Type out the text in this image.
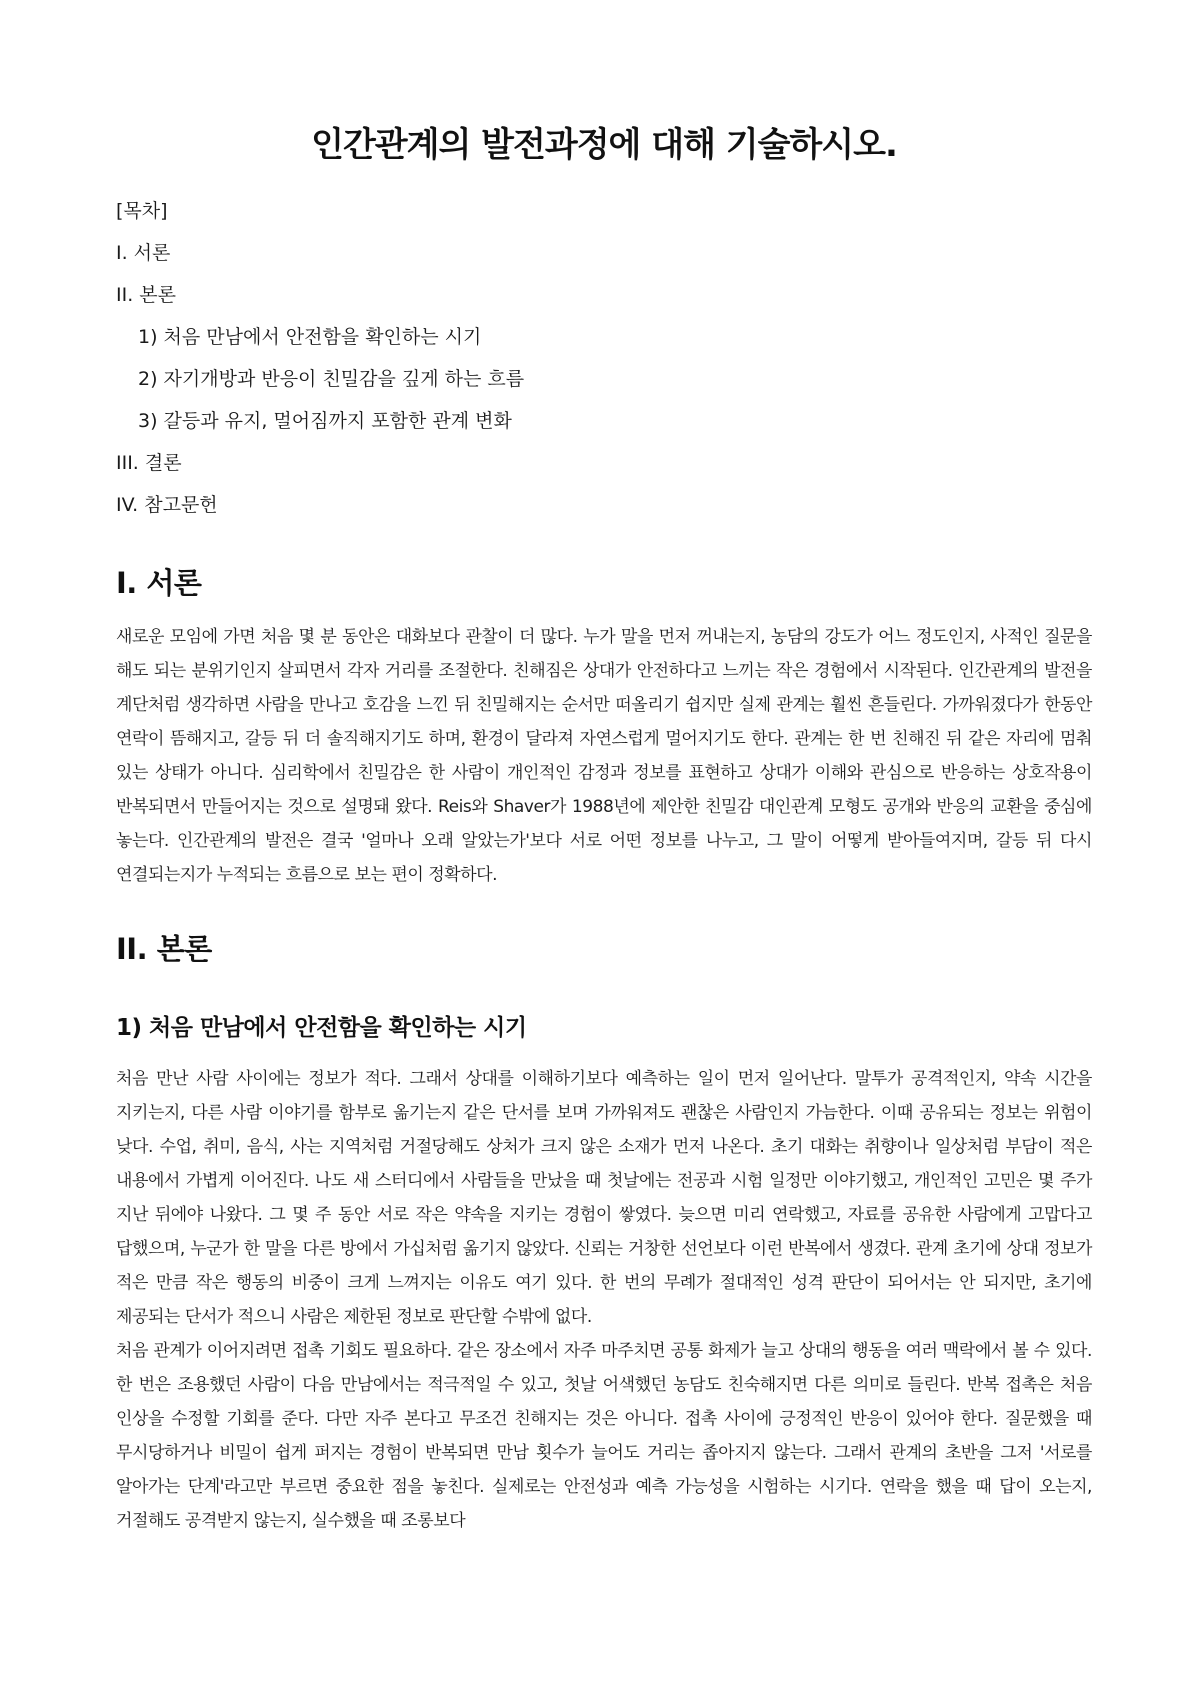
인간관계의 발전과정에 대해 기술하시오.
[목차]
I. 서론
II. 본론
1) 처음 만남에서 안전함을 확인하는 시기
2) 자기개방과 반응이 친밀감을 깊게 하는 흐름
3) 갈등과 유지, 멀어짐까지 포함한 관계 변화
III. 결론
IV. 참고문헌
I. 서론

새로운 모임에 가면 처음 몇 분 동안은 대화보다 관찰이 더 많다. 누가 말을 먼저 꺼내는지, 농담의 강도가 어느 정도인지, 사적인 질문을 해도 되는 분위기인지 살피면서 각자 거리를 조절한다. 친해짐은 상대가 안전하다고 느끼는 작은 경험에서 시작된다. 인간관계의 발전을 계단처럼 생각하면 사람을 만나고 호감을 느낀 뒤 친밀해지는 순서만 떠올리기 쉽지만 실제 관계는 훨씬 흔들린다. 가까워졌다가 한동안 연락이 뜸해지고, 갈등 뒤 더 솔직해지기도 하며, 환경이 달라져 자연스럽게 멀어지기도 한다. 관계는 한 번 친해진 뒤 같은 자리에 멈춰 있는 상태가 아니다. 심리학에서 친밀감은 한 사람이 개인적인 감정과 정보를 표현하고 상대가 이해와 관심으로 반응하는 상호작용이 반복되면서 만들어지는 것으로 설명돼 왔다. Reis와 Shaver가 1988년에 제안한 친밀감 대인관계 모형도 공개와 반응의 교환을 중심에 놓는다. 인간관계의 발전은 결국 '얼마나 오래 알았는가'보다 서로 어떤 정보를 나누고, 그 말이 어떻게 받아들여지며, 갈등 뒤 다시 연결되는지가 누적되는 흐름으로 보는 편이 정확하다.

II. 본론
1) 처음 만남에서 안전함을 확인하는 시기

처음 만난 사람 사이에는 정보가 적다. 그래서 상대를 이해하기보다 예측하는 일이 먼저 일어난다. 말투가 공격적인지, 약속 시간을 지키는지, 다른 사람 이야기를 함부로 옮기는지 같은 단서를 보며 가까워져도 괜찮은 사람인지 가늠한다. 이때 공유되는 정보는 위험이 낮다. 수업, 취미, 음식, 사는 지역처럼 거절당해도 상처가 크지 않은 소재가 먼저 나온다. 초기 대화는 취향이나 일상처럼 부담이 적은 내용에서 가볍게 이어진다. 나도 새 스터디에서 사람들을 만났을 때 첫날에는 전공과 시험 일정만 이야기했고, 개인적인 고민은 몇 주가 지난 뒤에야 나왔다. 그 몇 주 동안 서로 작은 약속을 지키는 경험이 쌓였다. 늦으면 미리 연락했고, 자료를 공유한 사람에게 고맙다고 답했으며, 누군가 한 말을 다른 방에서 가십처럼 옮기지 않았다. 신뢰는 거창한 선언보다 이런 반복에서 생겼다. 관계 초기에 상대 정보가 적은 만큼 작은 행동의 비중이 크게 느껴지는 이유도 여기 있다. 한 번의 무례가 절대적인 성격 판단이 되어서는 안 되지만, 초기에 제공되는 단서가 적으니 사람은 제한된 정보로 판단할 수밖에 없다.

처음 관계가 이어지려면 접촉 기회도 필요하다. 같은 장소에서 자주 마주치면 공통 화제가 늘고 상대의 행동을 여러 맥락에서 볼 수 있다. 한 번은 조용했던 사람이 다음 만남에서는 적극적일 수 있고, 첫날 어색했던 농담도 친숙해지면 다른 의미로 들린다. 반복 접촉은 처음 인상을 수정할 기회를 준다. 다만 자주 본다고 무조건 친해지는 것은 아니다. 접촉 사이에 긍정적인 반응이 있어야 한다. 질문했을 때 무시당하거나 비밀이 쉽게 퍼지는 경험이 반복되면 만남 횟수가 늘어도 거리는 좁아지지 않는다. 그래서 관계의 초반을 그저 '서로를 알아가는 단계'라고만 부르면 중요한 점을 놓친다. 실제로는 안전성과 예측 가능성을 시험하는 시기다. 연락을 했을 때 답이 오는지, 거절해도 공격받지 않는지, 실수했을 때 조롱보다
